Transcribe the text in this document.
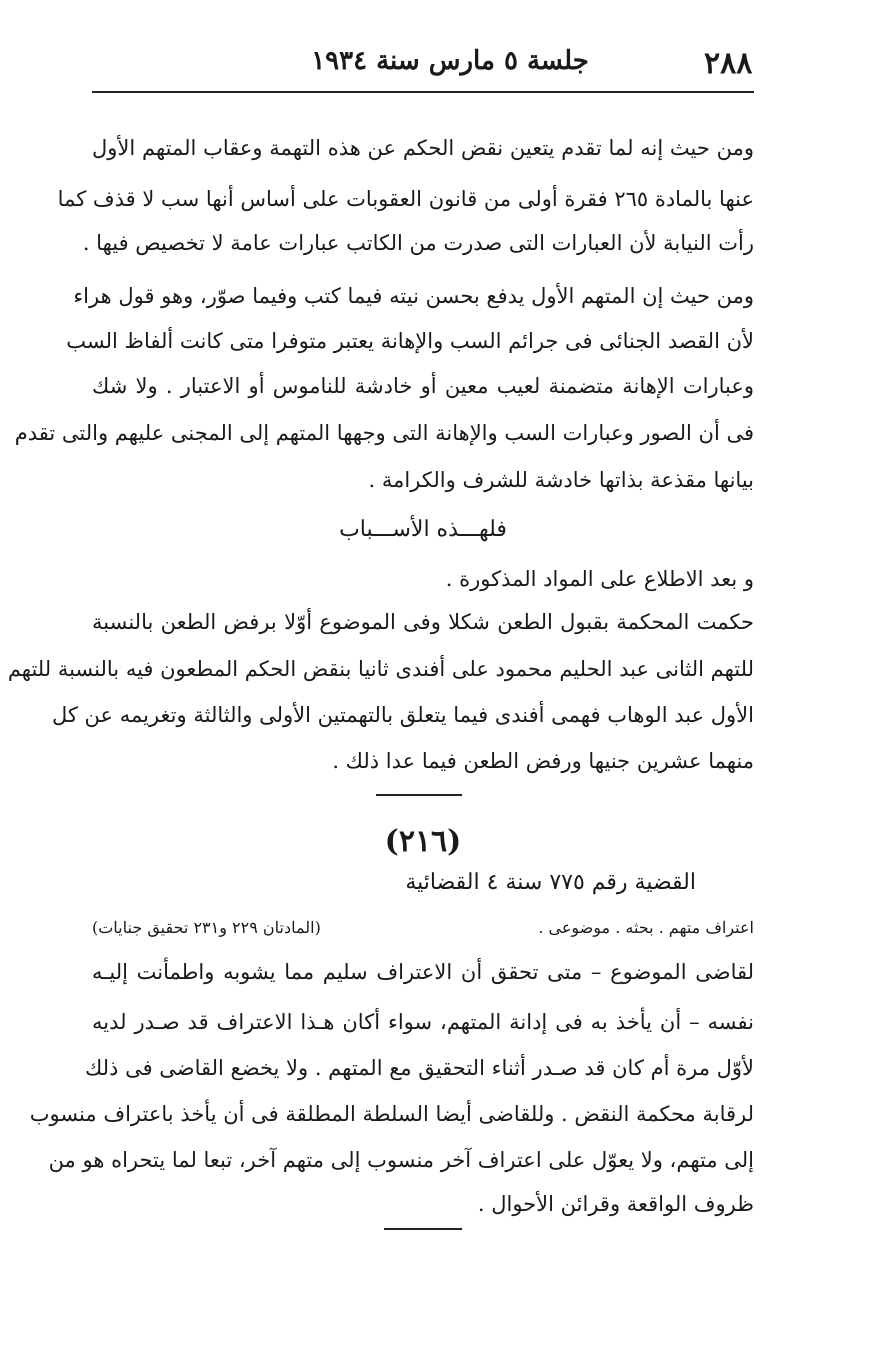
٢٨٨
جلسة ٥ مارس سنة ١٩٣٤
ومن حيث إنه لما تقدم يتعين نقض الحكم عن هذه التهمة وعقاب المتهم الأول
عنها بالمادة ٢٦٥ فقرة أولى من قانون العقوبات على أساس أنها سب لا قذف كما
رأت النيابة لأن العبارات التى صدرت من الكاتب عبارات عامة لا تخصيص فيها .
ومن حيث إن المتهم الأول يدفع بحسن نيته فيما كتب وفيما صوّر، وهو قول هراء
لأن القصد الجنائى فى جرائم السب والإهانة يعتبر متوفرا متى كانت ألفاظ السب
وعبارات الإهانة متضمنة لعيب معين أو خادشة للناموس أو الاعتبار . ولا شك
فى أن الصور وعبارات السب والإهانة التى وجهها المتهم إلى المجنى عليهم والتى تقدم
بيانها مقذعة بذاتها خادشة للشرف والكرامة .
فلهـــذه الأســـباب
و بعد الاطلاع على المواد المذكورة .
حكمت المحكمة بقبول الطعن شكلا وفى الموضوع أوّلا برفض الطعن بالنسبة
للتهم الثانى عبد الحليم محمود على أفندى ثانيا بنقض الحكم المطعون فيه بالنسبة للتهم
الأول عبد الوهاب فهمى أفندى فيما يتعلق بالتهمتين الأولى والثالثة وتغريمه عن كل
منهما عشرين جنيها ورفض الطعن فيما عدا ذلك .
(٢١٦)
القضية رقم ٧٧٥ سنة ٤ القضائية
اعتراف متهم . بحثه . موضوعى .
(المادتان ٢٢٩ و٢٣١ تحقيق جنايات)
لقاضى الموضوع – متى تحقق أن الاعتراف سليم مما يشوبه واطمأنت إليـه
نفسه – أن يأخذ به فى إدانة المتهم، سواء أكان هـذا الاعتراف قد صـدر لديه
لأوّل مرة أم كان قد صـدر أثناء التحقيق مع المتهم . ولا يخضع القاضى فى ذلك
لرقابة محكمة النقض . وللقاضى أيضا السلطة المطلقة فى أن يأخذ باعتراف منسوب
إلى متهم، ولا يعوّل على اعتراف آخر منسوب إلى متهم آخر، تبعا لما يتحراه هو من
ظروف الواقعة وقرائن الأحوال .
